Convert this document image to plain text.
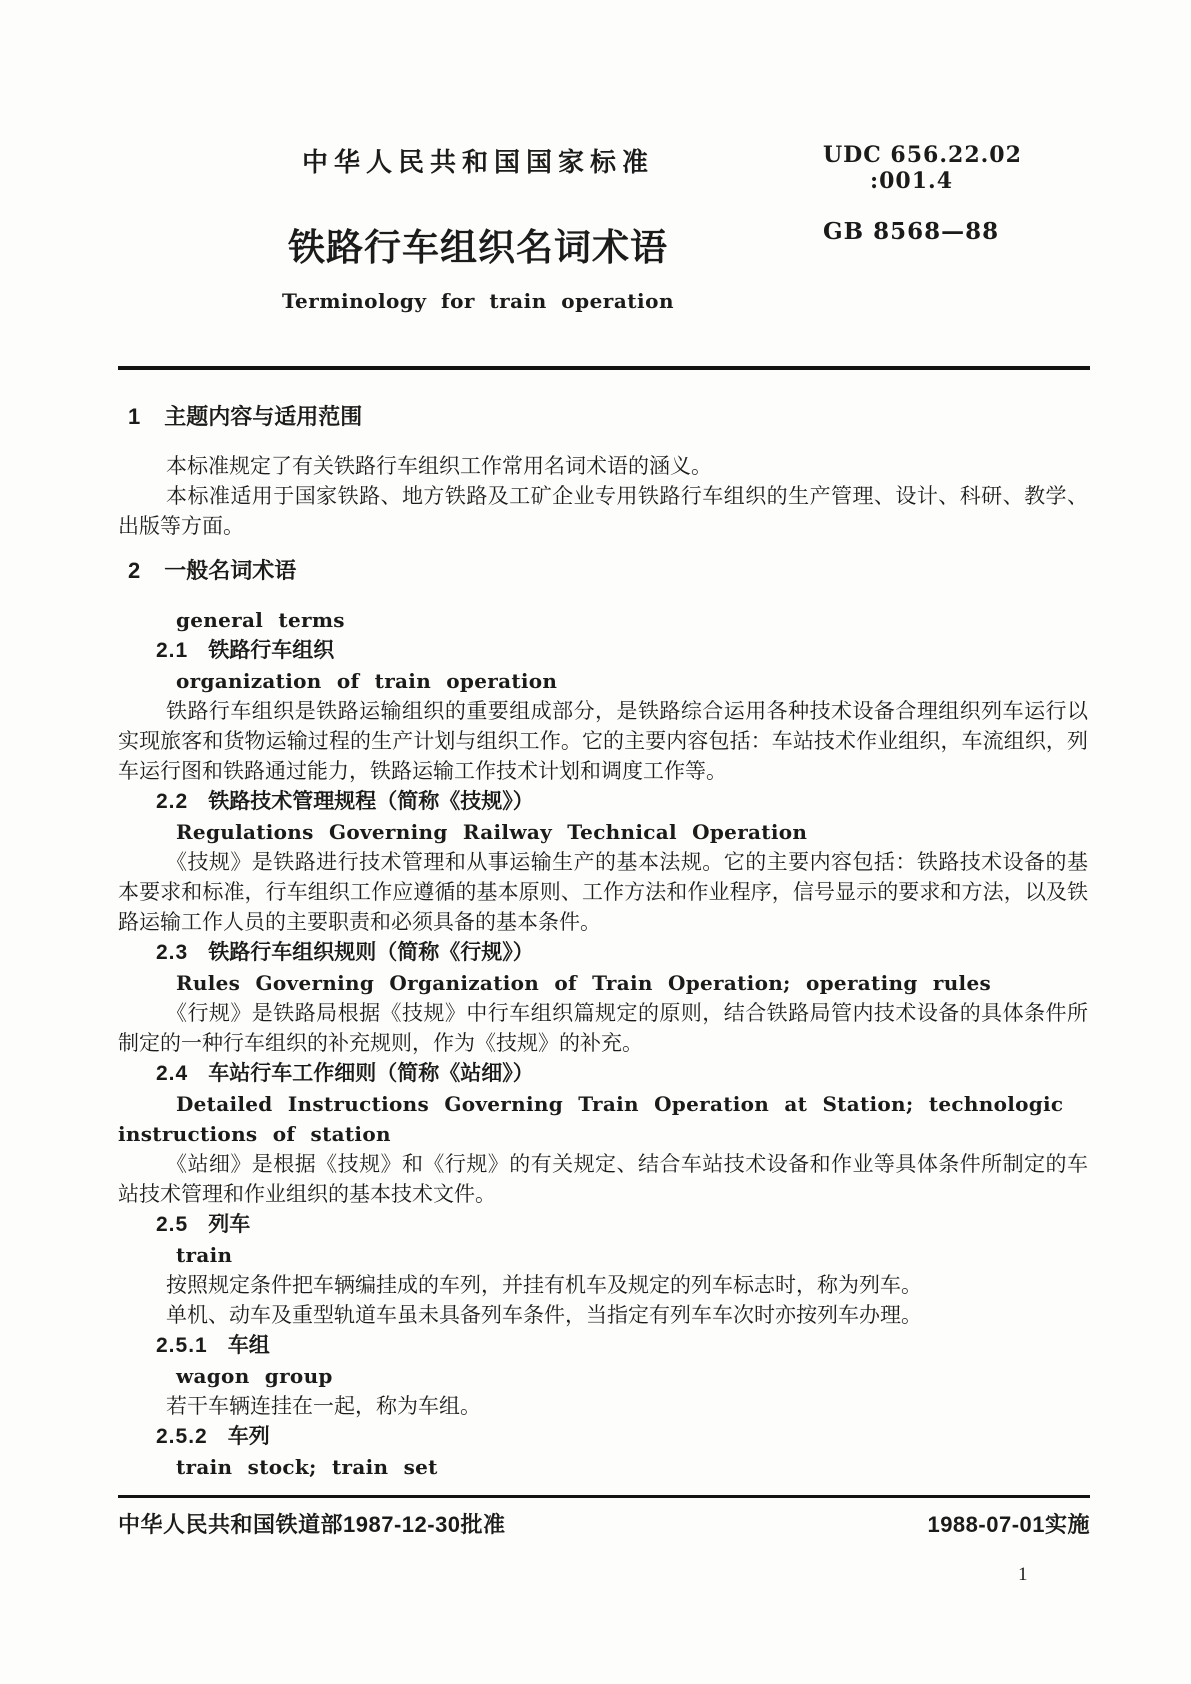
中华人民共和国国家标准
铁路行车组织名词术语
Terminology for train operation
UDC 656.22.02
:001.4
GB 8568—88
1 主题内容与适用范围

本标准规定了有关铁路行车组织工作常用名词术语的涵义。

本标准适用于国家铁路、地方铁路及工矿企业专用铁路行车组织的生产管理、设计、科研、教学、出版等方面。

2 一般名词术语

general terms

2.1 铁路行车组织

organization of train operation

铁路行车组织是铁路运输组织的重要组成部分，是铁路综合运用各种技术设备合理组织列车运行以实现旅客和货物运输过程的生产计划与组织工作。它的主要内容包括：车站技术作业组织，车流组织，列车运行图和铁路通过能力，铁路运输工作技术计划和调度工作等。

2.2 铁路技术管理规程（简称《技规》）

Regulations Governing Railway Technical Operation

《技规》是铁路进行技术管理和从事运输生产的基本法规。它的主要内容包括：铁路技术设备的基本要求和标准，行车组织工作应遵循的基本原则、工作方法和作业程序，信号显示的要求和方法，以及铁路运输工作人员的主要职责和必须具备的基本条件。

2.3 铁路行车组织规则（简称《行规》）

Rules Governing Organization of Train Operation; operating rules

《行规》是铁路局根据《技规》中行车组织篇规定的原则，结合铁路局管内技术设备的具体条件所制定的一种行车组织的补充规则，作为《技规》的补充。

2.4 车站行车工作细则（简称《站细》）

Detailed Instructions Governing Train Operation at Station; technologic instructions of station

《站细》是根据《技规》和《行规》的有关规定、结合车站技术设备和作业等具体条件所制定的车站技术管理和作业组织的基本技术文件。

2.5 列车

train

按照规定条件把车辆编挂成的车列，并挂有机车及规定的列车标志时，称为列车。

单机、动车及重型轨道车虽未具备列车条件，当指定有列车车次时亦按列车办理。

2.5.1 车组

wagon group

若干车辆连挂在一起，称为车组。

2.5.2 车列

train stock; train set

中华人民共和国铁道部1987-12-30批准	1988-07-01实施
1
